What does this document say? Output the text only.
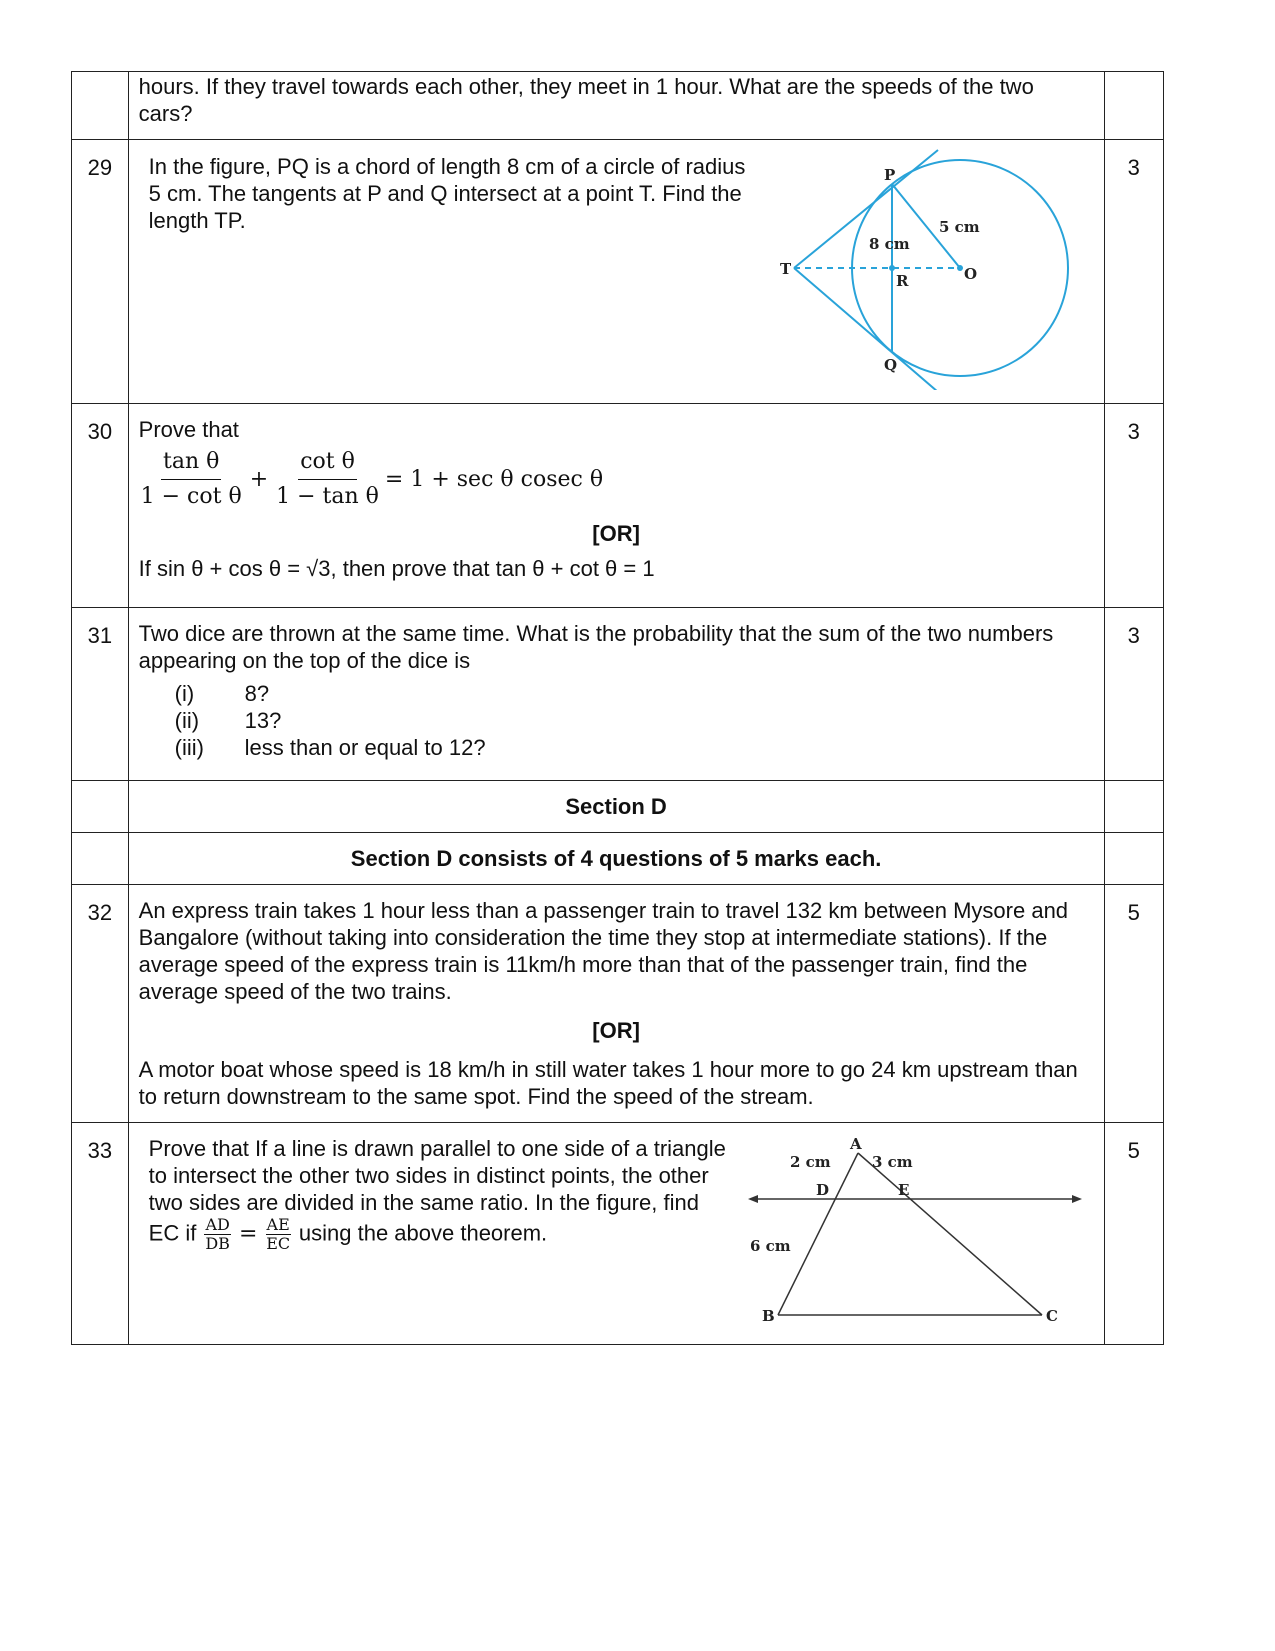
	hours. If they travel towards each other, they meet in 1 hour. What are the speeds of the two cars?	

29	In the figure, PQ is a chord of length 8 cm of a circle of radius 5 cm. The tangents at P and Q intersect at a point T. Find the length TP.

P
Q
T
R	O
8 cm
5 cm
	3
30	Prove that

$\frac{\text{tan θ}}{\text{1 − cot θ}} + \frac{\text{cot θ}}{\text{1 − tan θ}} = 1 + \sec \theta$ cosec θ

[OR]

If sin θ + cos θ = √3, then prove that tan θ + cot θ = 1

	3
31	Two dice are thrown at the same time. What is the probability that the sum of the two numbers appearing on the top of the dice is

(i)	8?
(ii)	13?
(iii)	less than or equal to 12?
	3
	Section D	
	Section D consists of 4 questions of 5 marks each.	
32	An express train takes 1 hour less than a passenger train to travel 132 km between Mysore and Bangalore (without taking into consideration the time they stop at intermediate stations). If the average speed of the express train is 11km/h more than that of the passenger train, find the average speed of the two trains.

[OR]

A motor boat whose speed is 18 km/h in still water takes 1 hour more to go 24 km upstream than to return downstream to the same spot. Find the speed of the stream.	5
33	Prove that If a line is drawn parallel to one side of a triangle to intersect the other two sides in distinct points, the other two sides are divided in the same ratio. In the figure, find EC if $\frac{AD}{DB} = \frac{AE}{EC}$ using the above theorem.
A
B	C
D	E
2 cm	3 cm
6 cm
	5
